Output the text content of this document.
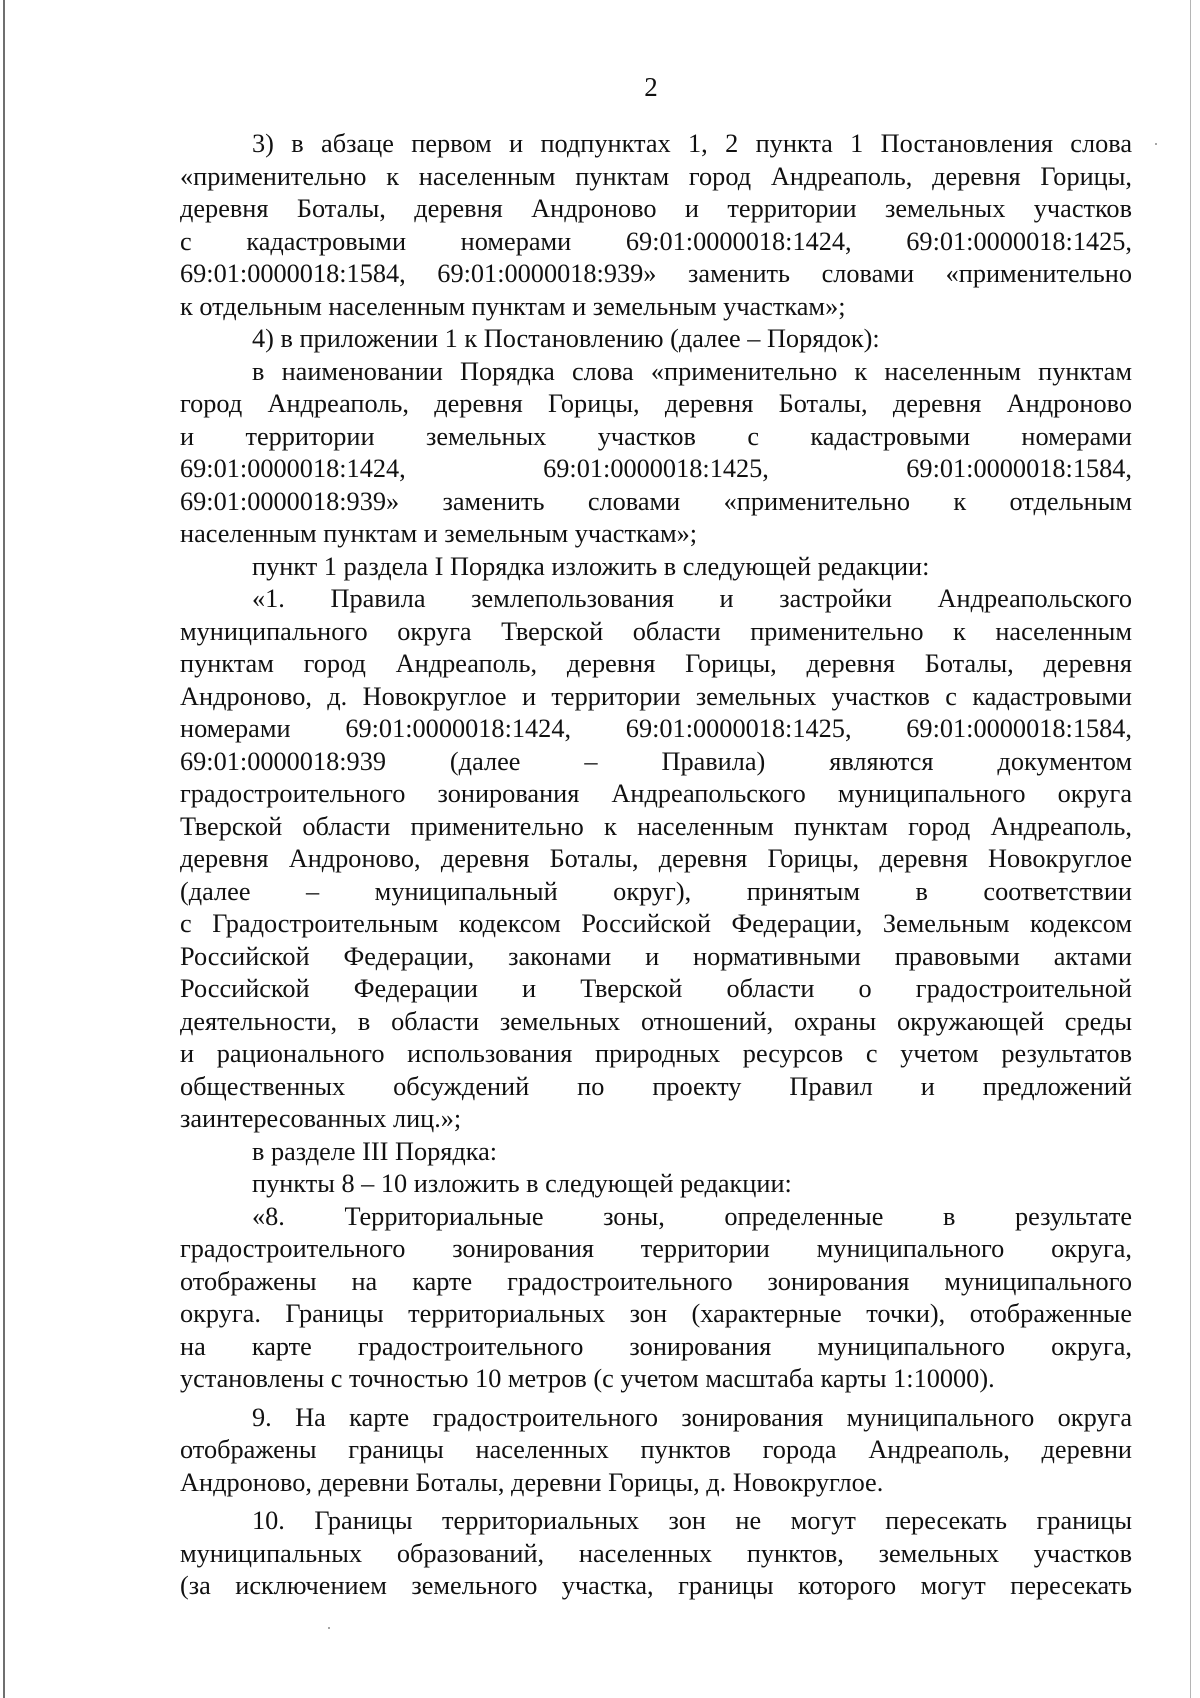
2
3) в абзаце первом и подпунктах 1, 2 пункта 1 Постановления слова
«применительно к населенным пунктам город Андреаполь, деревня Горицы,
деревня Боталы, деревня Андроново и территории земельных участков
с кадастровыми номерами 69:01:0000018:1424, 69:01:0000018:1425,
69:01:0000018:1584, 69:01:0000018:939» заменить словами «применительно
к отдельным населенным пунктам и земельным участкам»;
4) в приложении 1 к Постановлению (далее – Порядок):
в наименовании Порядка слова «применительно к населенным пунктам
город Андреаполь, деревня Горицы, деревня Боталы, деревня Андроново
и территории земельных участков с кадастровыми номерами
69:01:0000018:1424, 69:01:0000018:1425, 69:01:0000018:1584,
69:01:0000018:939» заменить словами «применительно к отдельным
населенным пунктам и земельным участкам»;
пункт 1 раздела I Порядка изложить в следующей редакции:
«1. Правила землепользования и застройки Андреапольского
муниципального округа Тверской области применительно к населенным
пунктам город Андреаполь, деревня Горицы, деревня Боталы, деревня
Андроново, д. Новокруглое и территории земельных участков с кадастровыми
номерами 69:01:0000018:1424, 69:01:0000018:1425, 69:01:0000018:1584,
69:01:0000018:939 (далее – Правила) являются документом
градостроительного зонирования Андреапольского муниципального округа
Тверской области применительно к населенным пунктам город Андреаполь,
деревня Андроново, деревня Боталы, деревня Горицы, деревня Новокруглое
(далее – муниципальный округ), принятым в соответствии
с Градостроительным кодексом Российской Федерации, Земельным кодексом
Российской Федерации, законами и нормативными правовыми актами
Российской Федерации и Тверской области о градостроительной
деятельности, в области земельных отношений, охраны окружающей среды
и рационального использования природных ресурсов с учетом результатов
общественных обсуждений по проекту Правил и предложений
заинтересованных лиц.»;
в разделе III Порядка:
пункты 8 – 10 изложить в следующей редакции:
«8. Территориальные зоны, определенные в результате
градостроительного зонирования территории муниципального округа,
отображены на карте градостроительного зонирования муниципального
округа. Границы территориальных зон (характерные точки), отображенные
на карте градостроительного зонирования муниципального округа,
установлены с точностью 10 метров (с учетом масштаба карты 1:10000).
9. На карте градостроительного зонирования муниципального округа
отображены границы населенных пунктов города Андреаполь, деревни
Андроново, деревни Боталы, деревни Горицы, д. Новокруглое.
10. Границы территориальных зон не могут пересекать границы
муниципальных образований, населенных пунктов, земельных участков
(за исключением земельного участка, границы которого могут пересекать
